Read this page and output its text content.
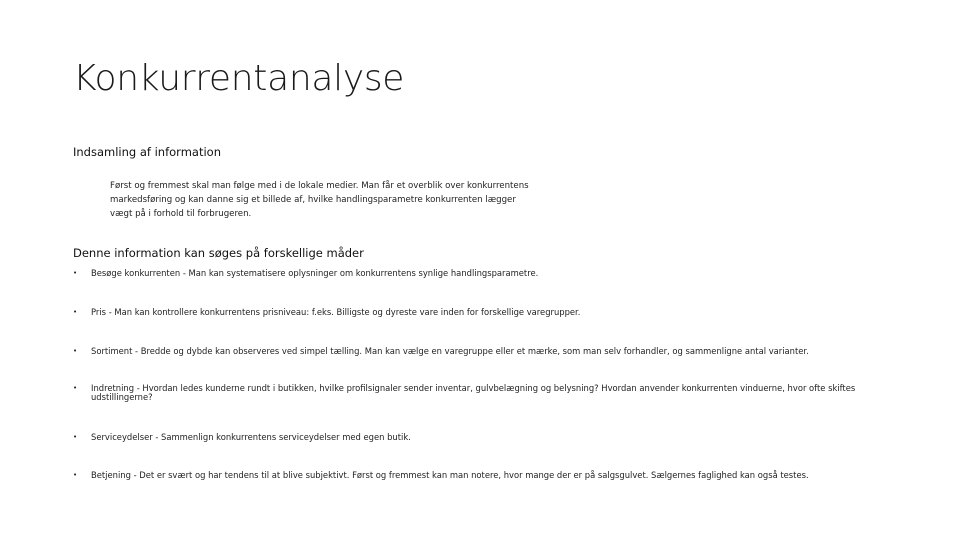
Konkurrentanalyse
Indsamling af information
Først og fremmest skal man følge med i de lokale medier. Man får et overblik over konkurrentens markedsføring og kan danne sig et billede af, hvilke handlingsparametre konkurrenten lægger vægt på i forhold til forbrugeren.
Denne information kan søges på forskellige måder
• Besøge konkurrenten - Man kan systematisere oplysninger om konkurrentens synlige handlingsparametre.
• Pris - Man kan kontrollere konkurrentens prisniveau: f.eks. Billigste og dyreste vare inden for forskellige varegrupper.
• Sortiment - Bredde og dybde kan observeres ved simpel tælling. Man kan vælge en varegruppe eller et mærke, som man selv forhandler, og sammenligne antal varianter.
• Indretning - Hvordan ledes kunderne rundt i butikken, hvilke profilsignaler sender inventar, gulvbelægning og belysning? Hvordan anvender konkurrenten vinduerne, hvor ofte skiftes udstillingerne?
• Serviceydelser - Sammenlign konkurrentens serviceydelser med egen butik.
• Betjening - Det er svært og har tendens til at blive subjektivt. Først og fremmest kan man notere, hvor mange der er på salgsgulvet. Sælgernes faglighed kan også testes.
